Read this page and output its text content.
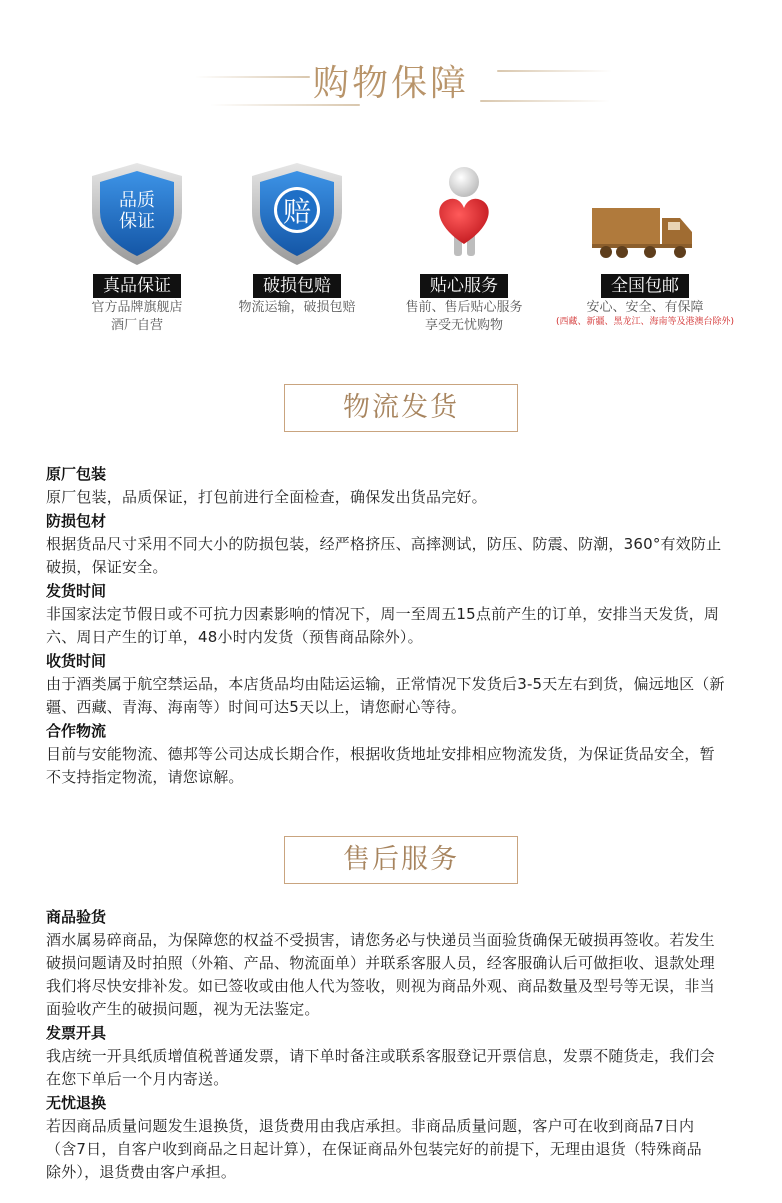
购物保障
品质
保证
真品保证
官方品牌旗舰店
酒厂自营
赔
破损包赔
物流运输，破损包赔
贴心服务
售前、售后贴心服务
享受无忧购物
全国包邮
安心、安全、有保障
(西藏、新疆、黑龙江、海南等及港澳台除外)
物流发货
原厂包装

原厂包装，品质保证，打包前进行全面检查，确保发出货品完好。

防损包材

根据货品尺寸采用不同大小的防损包装，经严格挤压、高摔测试，防压、防震、防潮，360°有效防止

破损，保证安全。

发货时间

非国家法定节假日或不可抗力因素影响的情况下，周一至周五15点前产生的订单，安排当天发货，周

六、周日产生的订单，48小时内发货（预售商品除外）。

收货时间

由于酒类属于航空禁运品，本店货品均由陆运运输，正常情况下发货后3-5天左右到货，偏远地区（新

疆、西藏、青海、海南等）时间可达5天以上，请您耐心等待。

合作物流

目前与安能物流、德邦等公司达成长期合作，根据收货地址安排相应物流发货，为保证货品安全，暂

不支持指定物流，请您谅解。

售后服务
商品验货

酒水属易碎商品，为保障您的权益不受损害，请您务必与快递员当面验货确保无破损再签收。若发生

破损问题请及时拍照（外箱、产品、物流面单）并联系客服人员，经客服确认后可做拒收、退款处理

我们将尽快安排补发。如已签收或由他人代为签收，则视为商品外观、商品数量及型号等无误，非当

面验收产生的破损问题，视为无法鉴定。

发票开具

我店统一开具纸质增值税普通发票，请下单时备注或联系客服登记开票信息，发票不随货走，我们会

在您下单后一个月内寄送。

无忧退换

若因商品质量问题发生退换货，退货费用由我店承担。非商品质量问题，客户可在收到商品7日内

（含7日，自客户收到商品之日起计算），在保证商品外包装完好的前提下，无理由退货（特殊商品

除外），退货费由客户承担。
